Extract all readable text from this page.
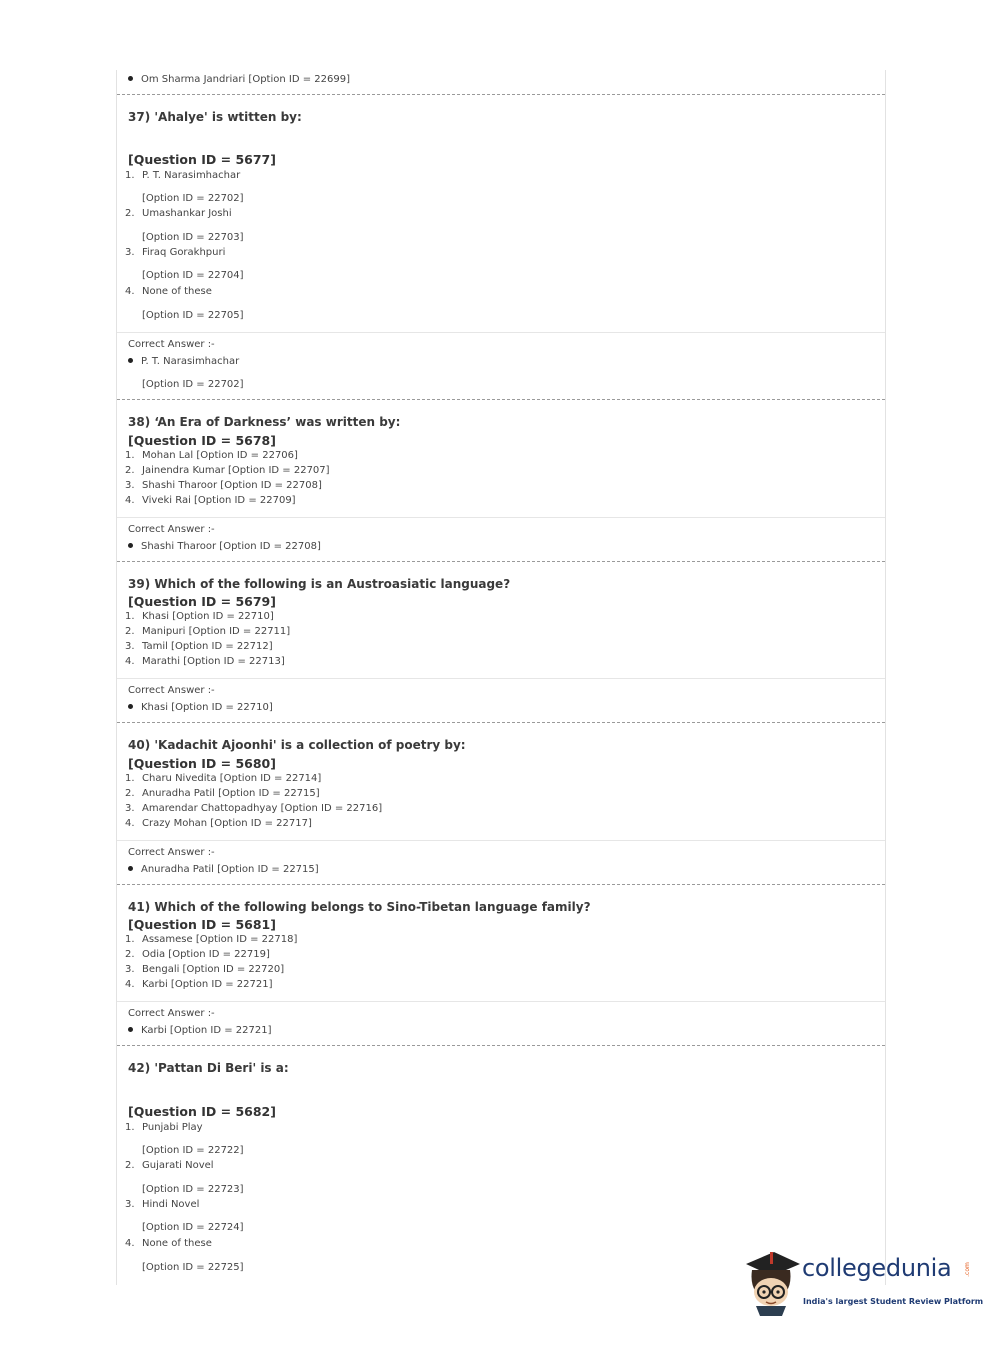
Om Sharma Jandriari [Option ID = 22699]
37) 'Ahalye' is wtitten by:
[Question ID = 5677]
1. P. T. Narasimhachar
[Option ID = 22702]
2. Umashankar Joshi
[Option ID = 22703]
3. Firaq Gorakhpuri
[Option ID = 22704]
4. None of these
[Option ID = 22705]
Correct Answer :-
P. T. Narasimhachar
[Option ID = 22702]
38) ‘An Era of Darkness’ was written by:
[Question ID = 5678]
1. Mohan Lal [Option ID = 22706]
2. Jainendra Kumar [Option ID = 22707]
3. Shashi Tharoor [Option ID = 22708]
4. Viveki Rai [Option ID = 22709]
Correct Answer :-
Shashi Tharoor [Option ID = 22708]
39) Which of the following is an Austroasiatic language?
[Question ID = 5679]
1. Khasi [Option ID = 22710]
2. Manipuri [Option ID = 22711]
3. Tamil [Option ID = 22712]
4. Marathi [Option ID = 22713]
Correct Answer :-
Khasi [Option ID = 22710]
40) 'Kadachit Ajoonhi' is a collection of poetry by:
[Question ID = 5680]
1. Charu Nivedita [Option ID = 22714]
2. Anuradha Patil [Option ID = 22715]
3. Amarendar Chattopadhyay [Option ID = 22716]
4. Crazy Mohan [Option ID = 22717]
Correct Answer :-
Anuradha Patil [Option ID = 22715]
41) Which of the following belongs to Sino-Tibetan language family?
[Question ID = 5681]
1. Assamese [Option ID = 22718]
2. Odia [Option ID = 22719]
3. Bengali [Option ID = 22720]
4. Karbi [Option ID = 22721]
Correct Answer :-
Karbi [Option ID = 22721]
42) 'Pattan Di Beri' is a:
[Question ID = 5682]
1. Punjabi Play
[Option ID = 22722]
2. Gujarati Novel
[Option ID = 22723]
3. Hindi Novel
[Option ID = 22724]
4. None of these
[Option ID = 22725]	collegedunia .com
India's largest Student Review Platform
